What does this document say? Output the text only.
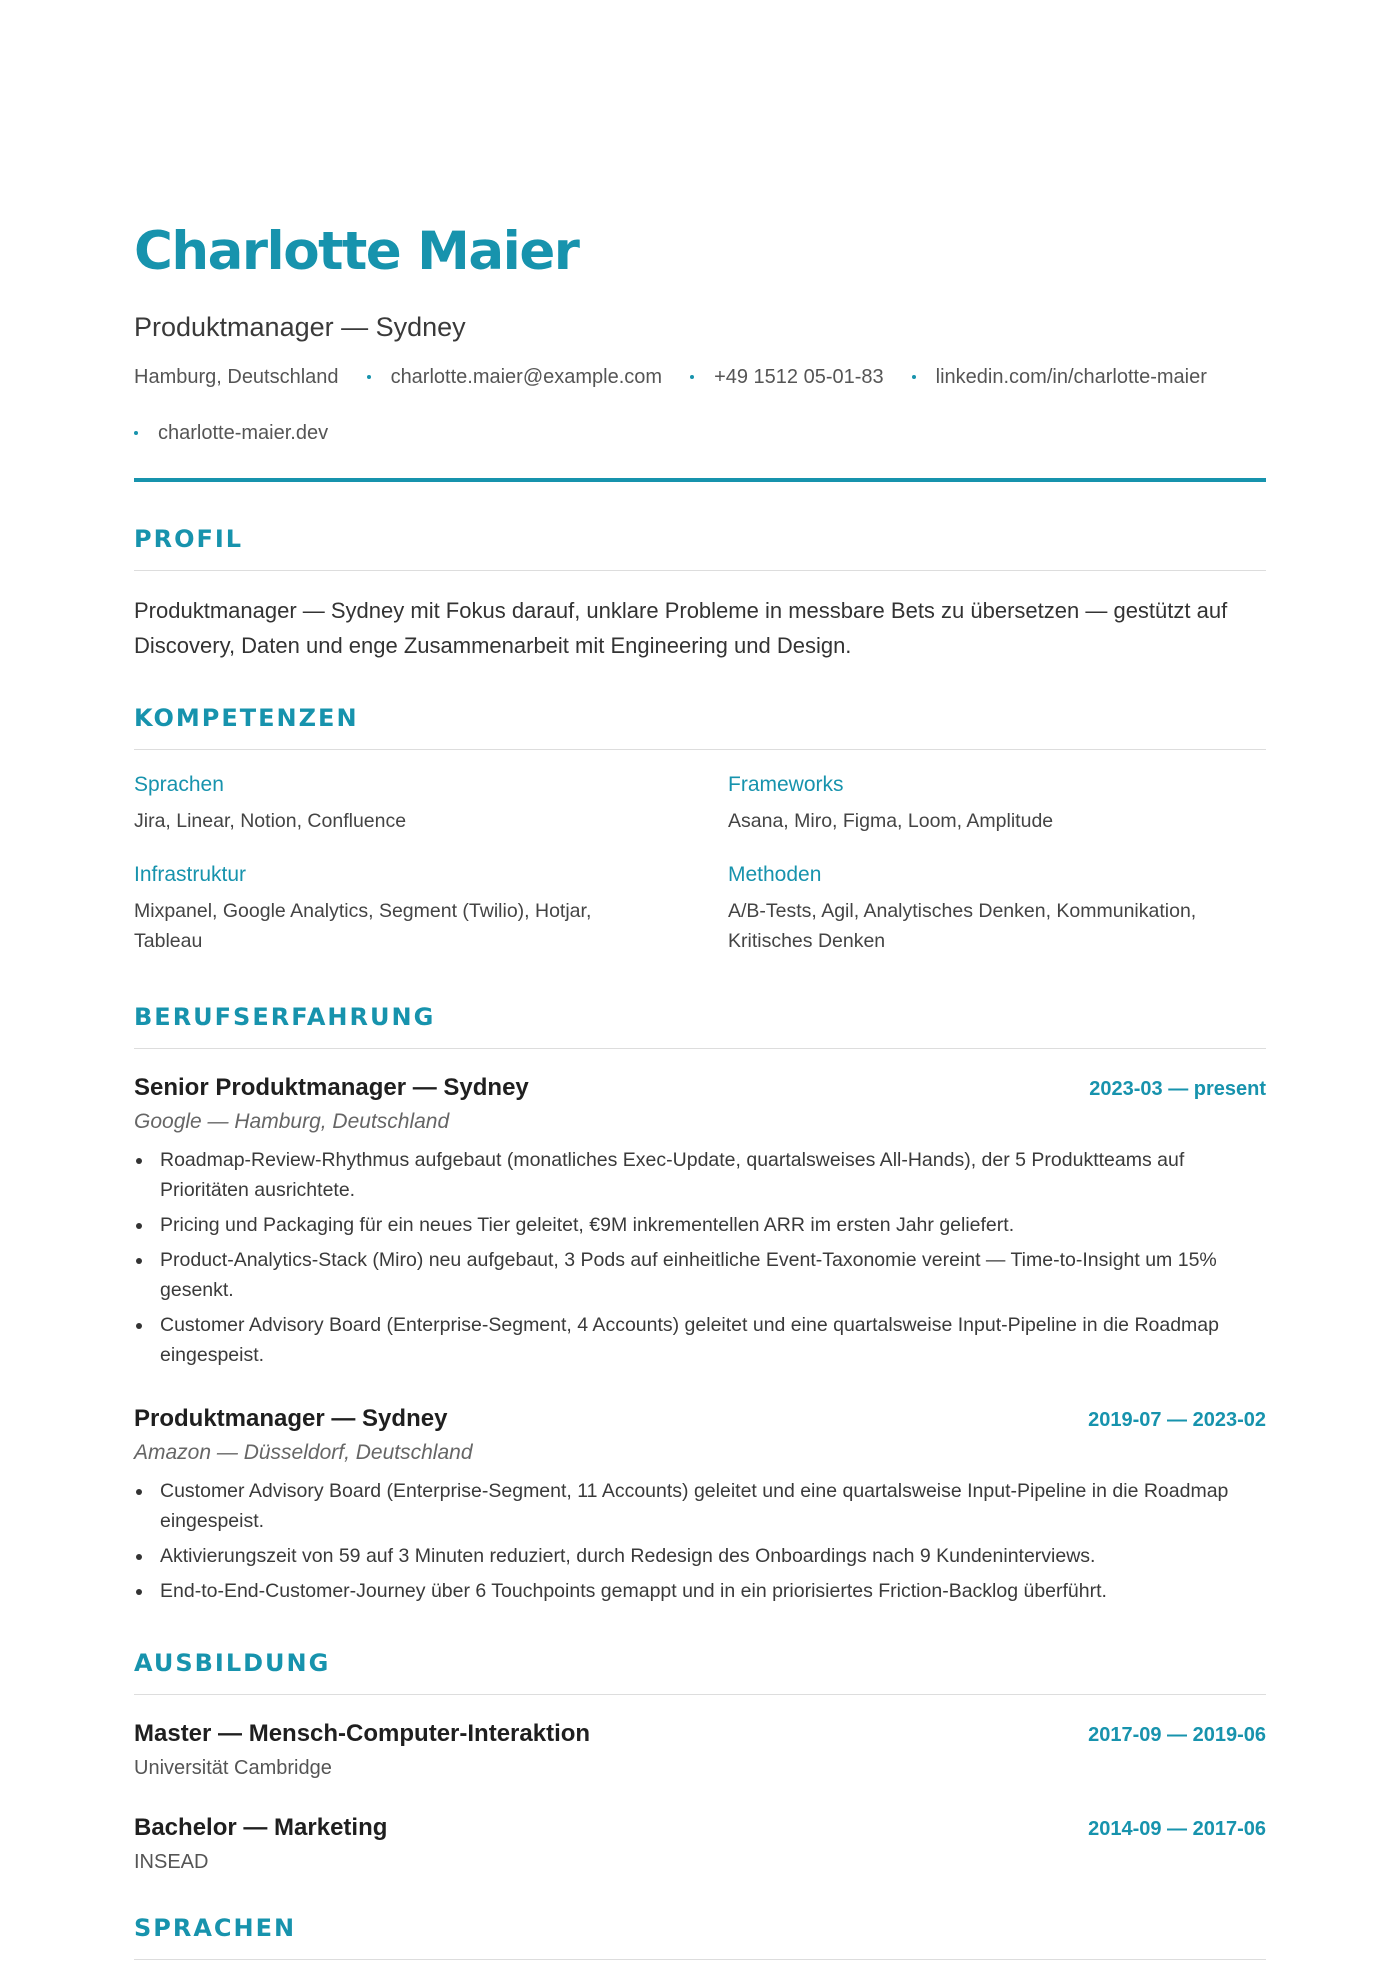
Charlotte Maier
Produktmanager — Sydney
Hamburg, Deutschland	charlotte.maier@example.com	+49 1512 05-01-83	linkedin.com/in/charlotte-maier
charlotte-maier.dev
PROFIL

Produktmanager — Sydney mit Fokus darauf, unklare Probleme in messbare Bets zu übersetzen — gestützt auf Discovery, Daten und enge Zusammenarbeit mit Engineering und Design.

KOMPETENZEN
Sprachen
Jira, Linear, Notion, Confluence
Frameworks
Asana, Miro, Figma, Loom, Amplitude
Infrastruktur
Mixpanel, Google Analytics, Segment (Twilio), Hotjar, Tableau
Methoden
A/B-Tests, Agil, Analytisches Denken, Kommunikation, Kritisches Denken
BERUFSERFAHRUNG
Senior Produktmanager — Sydney	2023-03 — present
Google — Hamburg, Deutschland
Roadmap-Review-Rhythmus aufgebaut (monatliches Exec-Update, quartalsweises All-Hands), der 5 Produktteams auf Prioritäten ausrichtete.
Pricing und Packaging für ein neues Tier geleitet, €9M inkrementellen ARR im ersten Jahr geliefert.
Product-Analytics-Stack (Miro) neu aufgebaut, 3 Pods auf einheitliche Event-Taxonomie vereint — Time-to-Insight um 15% gesenkt.
Customer Advisory Board (Enterprise-Segment, 4 Accounts) geleitet und eine quartalsweise Input-Pipeline in die Roadmap eingespeist.
Produktmanager — Sydney	2019-07 — 2023-02
Amazon — Düsseldorf, Deutschland
Customer Advisory Board (Enterprise-Segment, 11 Accounts) geleitet und eine quartalsweise Input-Pipeline in die Roadmap eingespeist.
Aktivierungszeit von 59 auf 3 Minuten reduziert, durch Redesign des Onboardings nach 9 Kundeninterviews.
End-to-End-Customer-Journey über 6 Touchpoints gemappt und in ein priorisiertes Friction-Backlog überführt.
AUSBILDUNG
Master — Mensch-Computer-Interaktion	2017-09 — 2019-06
Universität Cambridge
Bachelor — Marketing	2014-09 — 2017-06
INSEAD
SPRACHEN
